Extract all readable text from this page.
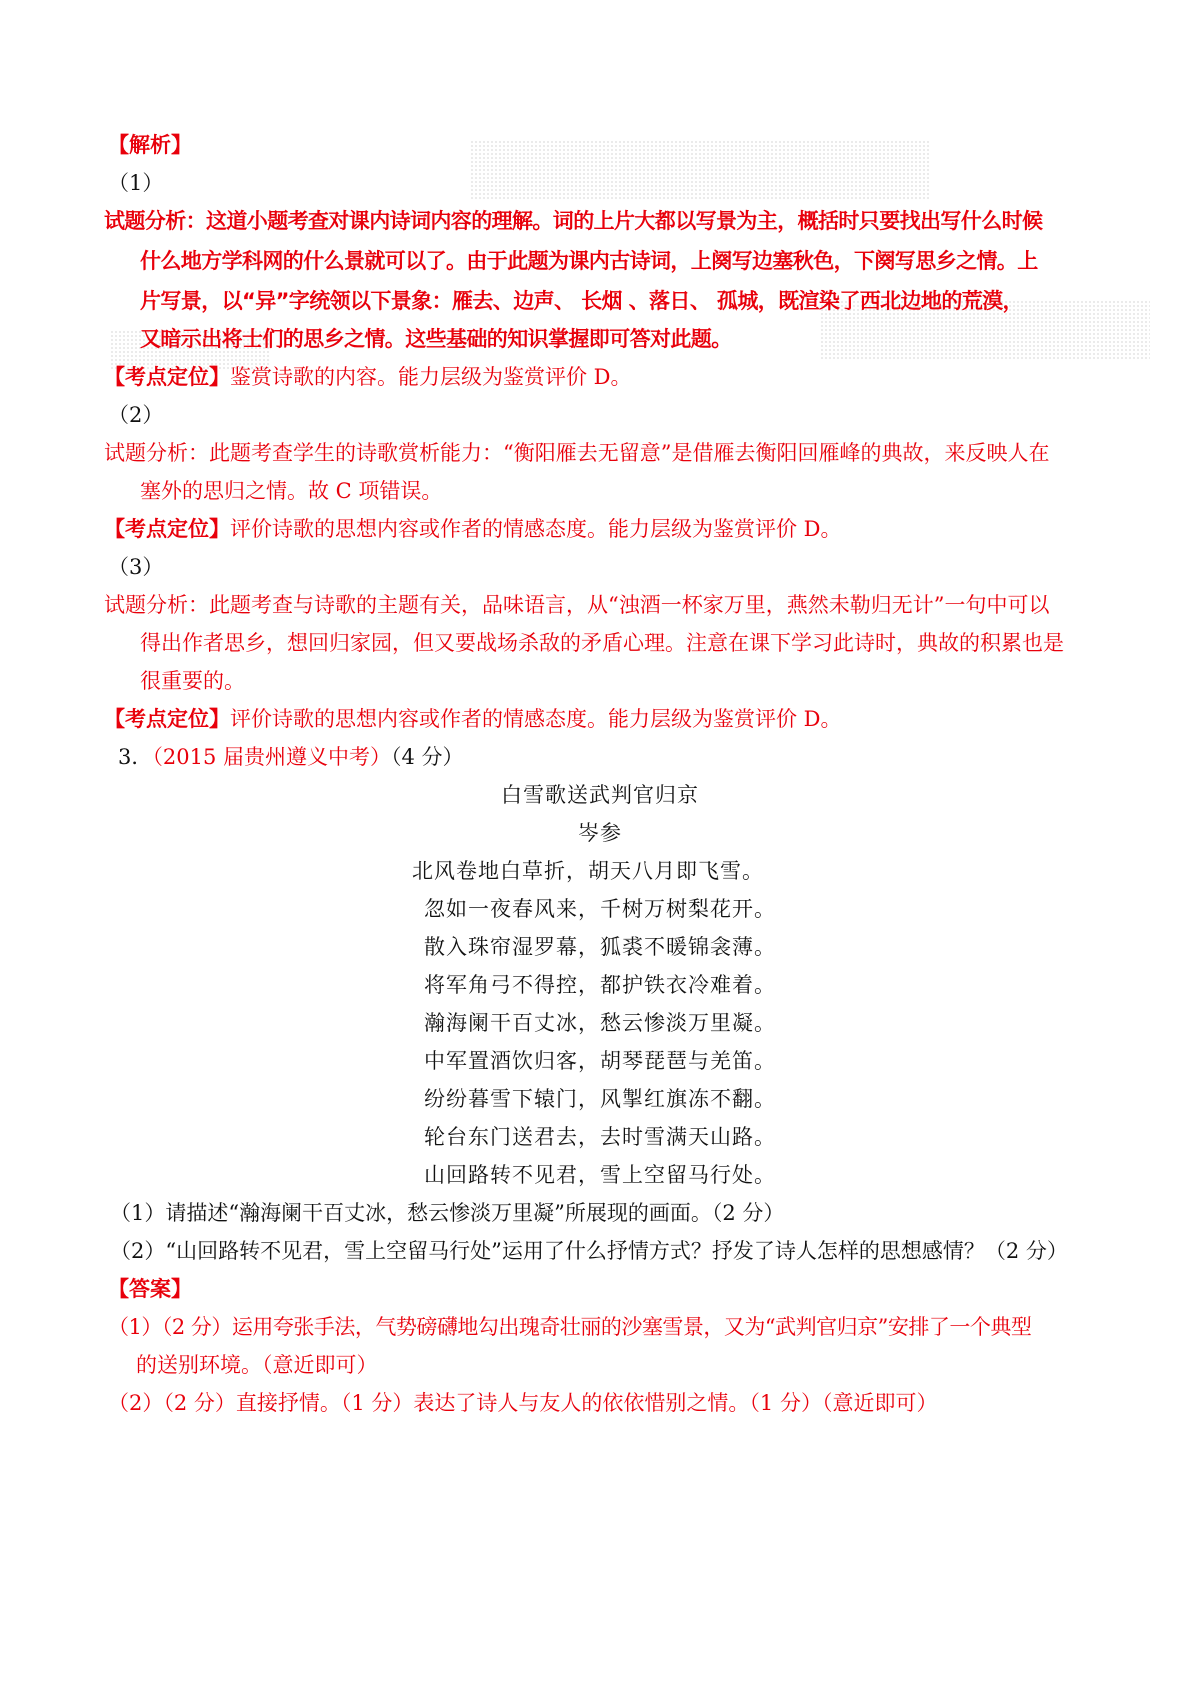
【解析】
（1）
试题分析：这道小题考查对课内诗词内容的理解。词的上片大都以写景为主，概括时只要找出写什么时候
什么地方学科网的什么景就可以了。由于此题为课内古诗词，上阕写边塞秋色，下阕写思乡之情。上
片写景，以“异”字统领以下景象：雁去、边声、 长烟 、落日、 孤城，既渲染了西北边地的荒漠，
又暗示出将士们的思乡之情。这些基础的知识掌握即可答对此题。
【考点定位】鉴赏诗歌的内容。能力层级为鉴赏评价 D。
（2）
试题分析：此题考查学生的诗歌赏析能力：“衡阳雁去无留意”是借雁去衡阳回雁峰的典故，来反映人在
塞外的思归之情。故 C 项错误。
【考点定位】评价诗歌的思想内容或作者的情感态度。能力层级为鉴赏评价 D。
（3）
试题分析：此题考查与诗歌的主题有关，品味语言，从“浊酒一杯家万里，燕然未勒归无计”一句中可以
得出作者思乡，想回归家园，但又要战场杀敌的矛盾心理。注意在课下学习此诗时，典故的积累也是
很重要的。
【考点定位】评价诗歌的思想内容或作者的情感态度。能力层级为鉴赏评价 D。
3．（2015 届贵州遵义中考）（4 分）
白雪歌送武判官归京
岑参
北风卷地白草折，胡天八月即飞雪。
忽如一夜春风来，千树万树梨花开。
散入珠帘湿罗幕，狐裘不暖锦衾薄。
将军角弓不得控，都护铁衣冷难着。
瀚海阑干百丈冰，愁云惨淡万里凝。
中军置酒饮归客，胡琴琵琶与羌笛。
纷纷暮雪下辕门，风掣红旗冻不翻。
轮台东门送君去，去时雪满天山路。
山回路转不见君，雪上空留马行处。
（1）请描述“瀚海阑干百丈冰，愁云惨淡万里凝”所展现的画面。（2 分）
（2）“山回路转不见君，雪上空留马行处”运用了什么抒情方式？抒发了诗人怎样的思想感情？（2 分）
【答案】
（1）（2 分）运用夸张手法，气势磅礴地勾出瑰奇壮丽的沙塞雪景，又为“武判官归京”安排了一个典型
的送别环境。（意近即可）
（2）（2 分）直接抒情。（1 分）表达了诗人与友人的依依惜别之情。（1 分）（意近即可）
